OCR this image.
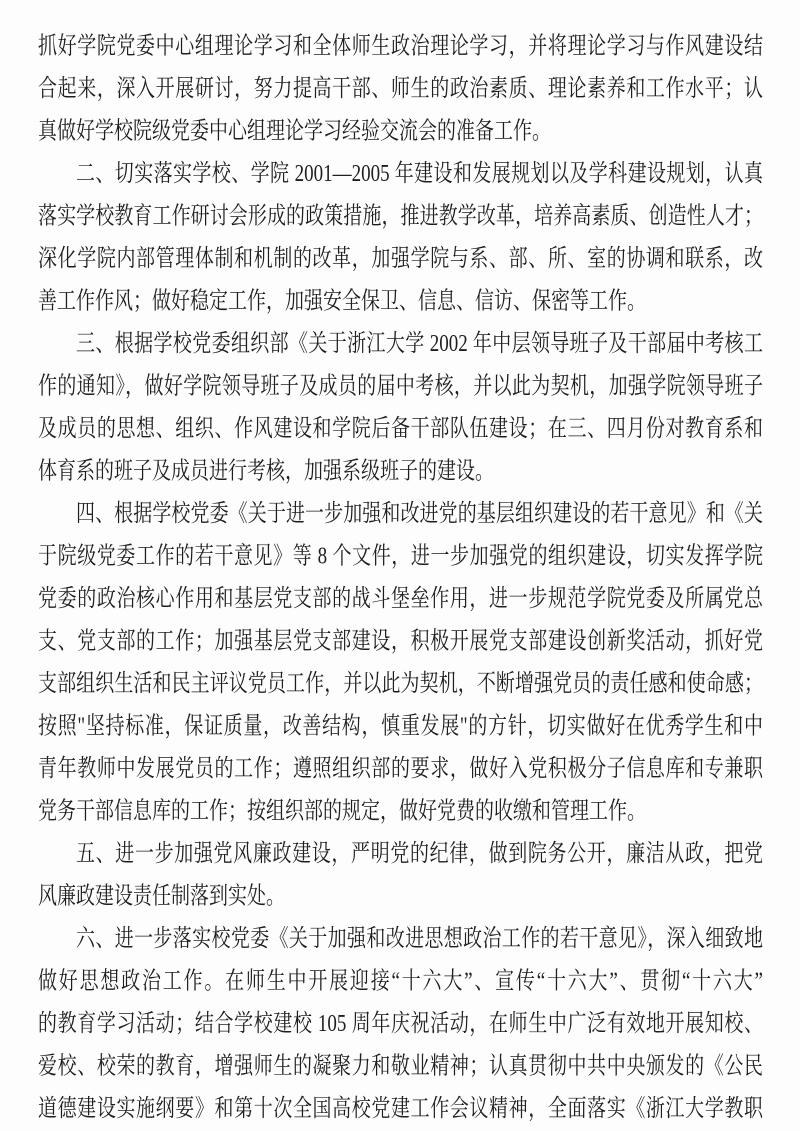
抓好学院党委中心组理论学习和全体师生政治理论学习，并将理论学习与作风建设结
合起来，深入开展研讨，努力提高干部、师生的政治素质、理论素养和工作水平；认
真做好学校院级党委中心组理论学习经验交流会的准备工作。
二、切实落实学校、学院 2001—2005 年建设和发展规划以及学科建设规划，认真
落实学校教育工作研讨会形成的政策措施，推进教学改革，培养高素质、创造性人才；
深化学院内部管理体制和机制的改革，加强学院与系、部、所、室的协调和联系，改
善工作作风；做好稳定工作，加强安全保卫、信息、信访、保密等工作。
三、根据学校党委组织部《关于浙江大学 2002 年中层领导班子及干部届中考核工
作的通知》，做好学院领导班子及成员的届中考核，并以此为契机，加强学院领导班子
及成员的思想、组织、作风建设和学院后备干部队伍建设；在三、四月份对教育系和
体育系的班子及成员进行考核，加强系级班子的建设。
四、根据学校党委《关于进一步加强和改进党的基层组织建设的若干意见》和《关
于院级党委工作的若干意见》等 8 个文件，进一步加强党的组织建设，切实发挥学院
党委的政治核心作用和基层党支部的战斗堡垒作用，进一步规范学院党委及所属党总
支、党支部的工作；加强基层党支部建设，积极开展党支部建设创新奖活动，抓好党
支部组织生活和民主评议党员工作，并以此为契机，不断增强党员的责任感和使命感；
按照"坚持标准，保证质量，改善结构，慎重发展"的方针，切实做好在优秀学生和中
青年教师中发展党员的工作；遵照组织部的要求，做好入党积极分子信息库和专兼职
党务干部信息库的工作；按组织部的规定，做好党费的收缴和管理工作。
五、进一步加强党风廉政建设，严明党的纪律，做到院务公开，廉洁从政，把党
风廉政建设责任制落到实处。
六、进一步落实校党委《关于加强和改进思想政治工作的若干意见》，深入细致地
做好思想政治工作。在师生中开展迎接“十六大”、宣传“十六大”、贯彻“十六大”
的教育学习活动；结合学校建校 105 周年庆祝活动，在师生中广泛有效地开展知校、
爱校、校荣的教育，增强师生的凝聚力和敬业精神；认真贯彻中共中央颁发的《公民
道德建设实施纲要》和第十次全国高校党建工作会议精神，全面落实《浙江大学教职
